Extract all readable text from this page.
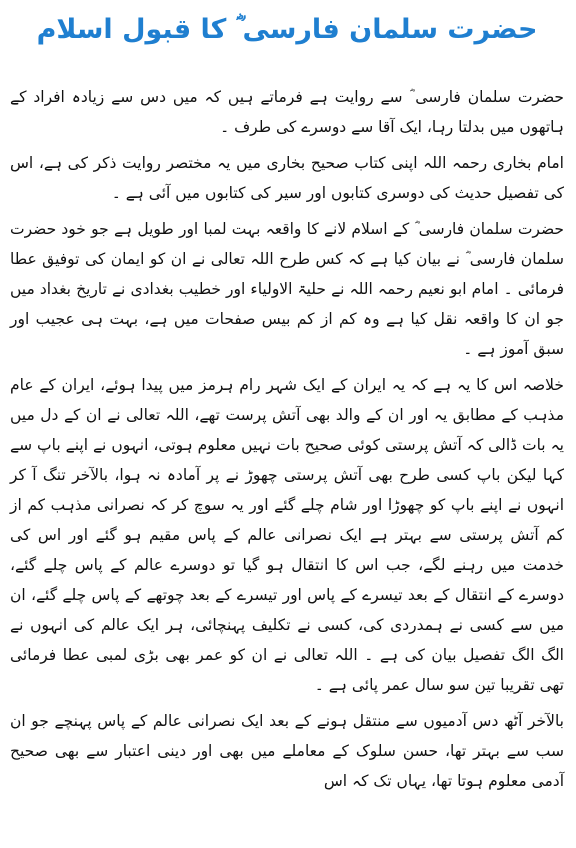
حضرت سلمان فارسی ؓ کا قبول اسلام

حضرت سلمان فارسی ؓ سے روایت ہے فرماتے ہیں کہ میں دس سے زیادہ افراد کے ہاتھوں میں بدلتا رہا، ایک آقا سے دوسرے کی طرف ۔

امام بخاری رحمہ اللہ اپنی کتاب صحیح بخاری میں یہ مختصر روایت ذکر کی ہے، اس کی تفصیل حدیث کی دوسری کتابوں اور سیر کی کتابوں میں آئی ہے ۔

حضرت سلمان فارسی ؓ کے اسلام لانے کا واقعہ بہت لمبا اور طویل ہے جو خود حضرت سلمان فارسی ؓ نے بیان کیا ہے کہ کس طرح اللہ تعالی نے ان کو ایمان کی توفیق عطا فرمائی ۔ امام ابو نعیم رحمہ اللہ نے حلیۃ الاولیاء اور خطیب بغدادی نے تاریخ بغداد میں جو ان کا واقعہ نقل کیا ہے وہ کم از کم بیس صفحات میں ہے، بہت ہی عجیب اور سبق آموز ہے ۔

خلاصہ اس کا یہ ہے کہ یہ ایران کے ایک شہر رام ہرمز میں پیدا ہوئے، ایران کے عام مذہب کے مطابق یہ اور ان کے والد بھی آتش پرست تھے، اللہ تعالی نے ان کے دل میں یہ بات ڈالی کہ آتش پرستی کوئی صحیح بات نہیں معلوم ہوتی، انہوں نے اپنے باپ سے کہا لیکن باپ کسی طرح بھی آتش پرستی چھوڑ نے پر آمادہ نہ ہوا، بالآخر تنگ آ کر انہوں نے اپنے باپ کو چھوڑا اور شام چلے گئے اور یہ سوچ کر کہ نصرانی مذہب کم از کم آتش پرستی سے بہتر ہے ایک نصرانی عالم کے پاس مقیم ہو گئے اور اس کی خدمت میں رہنے لگے، جب اس کا انتقال ہو گیا تو دوسرے عالم کے پاس چلے گئے، دوسرے کے انتقال کے بعد تیسرے کے پاس اور تیسرے کے بعد چوتھے کے پاس چلے گئے، ان میں سے کسی نے ہمدردی کی، کسی نے تکلیف پہنچائی، ہر ایک عالم کی انہوں نے الگ الگ تفصیل بیان کی ہے ۔ اللہ تعالی نے ان کو عمر بھی بڑی لمبی عطا فرمائی تھی تقریبا تین سو سال عمر پائی ہے ۔

بالآخر آٹھ دس آدمیوں سے منتقل ہونے کے بعد ایک نصرانی عالم کے پاس پہنچے جو ان سب سے بہتر تھا، حسن سلوک کے معاملے میں بھی اور دینی اعتبار سے بھی صحیح آدمی معلوم ہوتا تھا، یہاں تک کہ اس
